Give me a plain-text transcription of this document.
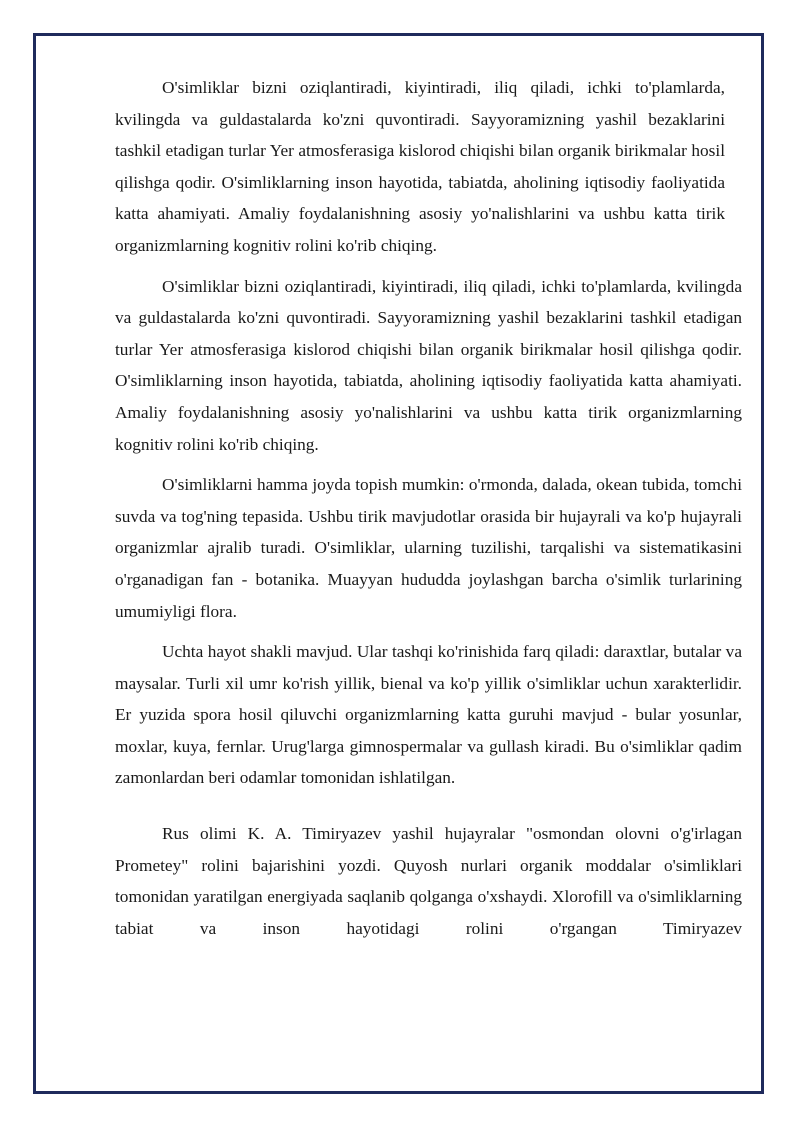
O'simliklar bizni oziqlantiradi, kiyintiradi, iliq qiladi, ichki to'plamlarda, kvilingda va guldastalarda ko'zni quvontiradi. Sayyoramizning yashil bezaklarini tashkil etadigan turlar Yer atmosferasiga kislorod chiqishi bilan organik birikmalar hosil qilishga qodir. O'simliklarning inson hayotida, tabiatda, aholining iqtisodiy faoliyatida katta ahamiyati. Amaliy foydalanishning asosiy yo'nalishlarini va ushbu katta tirik organizmlarning kognitiv rolini ko'rib chiqing.

O'simliklar bizni oziqlantiradi, kiyintiradi, iliq qiladi, ichki to'plamlarda, kvilingda va guldastalarda ko'zni quvontiradi. Sayyoramizning yashil bezaklarini tashkil etadigan turlar Yer atmosferasiga kislorod chiqishi bilan organik birikmalar hosil qilishga qodir. O'simliklarning inson hayotida, tabiatda, aholining iqtisodiy faoliyatida katta ahamiyati. Amaliy foydalanishning asosiy yo'nalishlarini va ushbu katta tirik organizmlarning kognitiv rolini ko'rib chiqing.

O'simliklarni hamma joyda topish mumkin: o'rmonda, dalada, okean tubida, tomchi suvda va tog'ning tepasida. Ushbu tirik mavjudotlar orasida bir hujayrali va ko'p hujayrali organizmlar ajralib turadi. O'simliklar, ularning tuzilishi, tarqalishi va sistematikasini o'rganadigan fan - botanika. Muayyan hududda joylashgan barcha o'simlik turlarining umumiyligi flora.

Uchta hayot shakli mavjud. Ular tashqi ko'rinishida farq qiladi: daraxtlar, butalar va maysalar. Turli xil umr ko'rish yillik, bienal va ko'p yillik o'simliklar uchun xarakterlidir. Er yuzida spora hosil qiluvchi organizmlarning katta guruhi mavjud - bular yosunlar, moxlar, kuya, fernlar. Urug'larga gimnospermalar va gullash kiradi. Bu o'simliklar qadim zamonlardan beri odamlar tomonidan ishlatilgan.

Rus olimi K. A. Timiryazev yashil hujayralar "osmondan olovni o'g'irlagan Prometey" rolini bajarishini yozdi. Quyosh nurlari organik moddalar o'simliklari tomonidan yaratilgan energiyada saqlanib qolganga o'xshaydi. Xlorofill va o'simliklarning tabiat va inson hayotidagi rolini o'rgangan Timiryazev
